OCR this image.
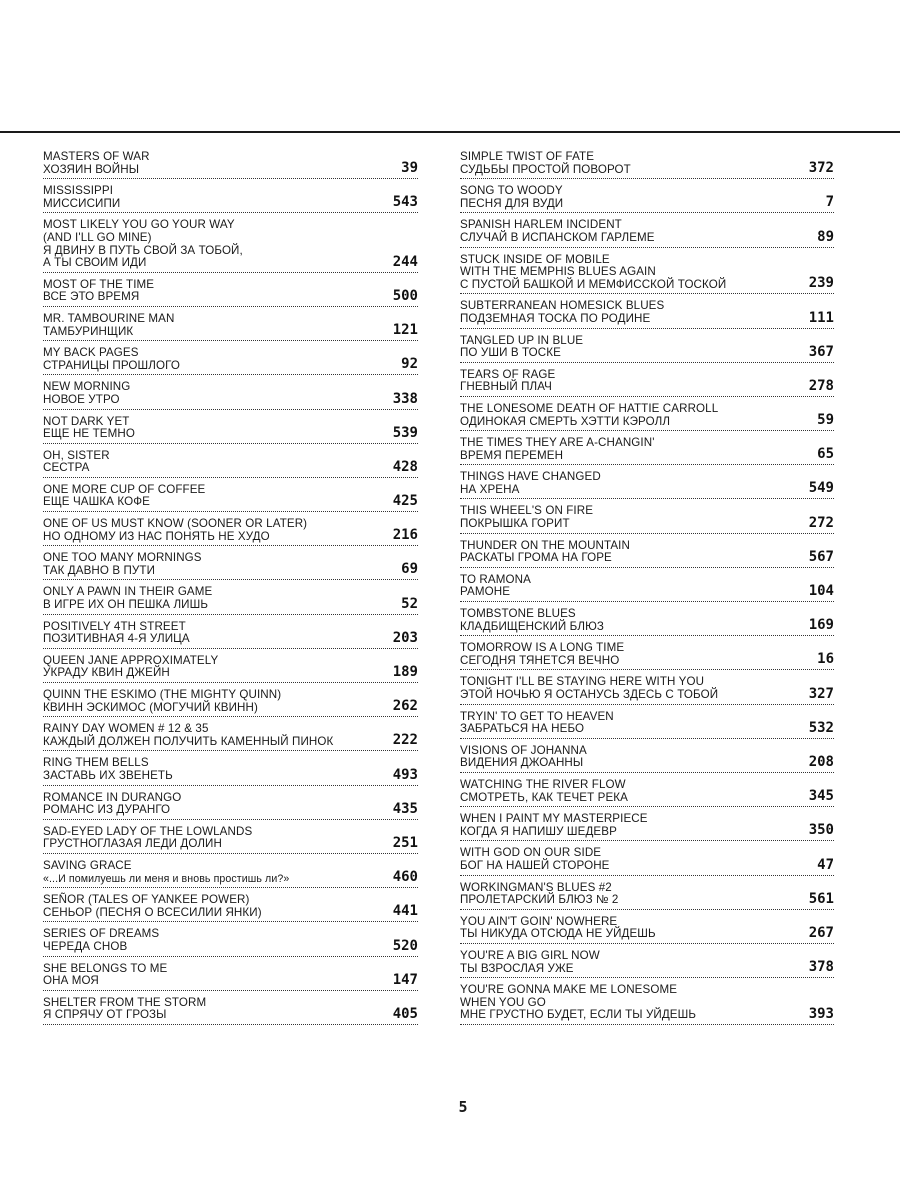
MASTERS OF WAR
ХОЗЯИН ВОЙНЫ	39
MISSISSIPPI
МИССИСИПИ	543
MOST LIKELY YOU GO YOUR WAY
(AND I'LL GO MINE)
Я ДВИНУ В ПУТЬ СВОЙ ЗА ТОБОЙ,
А ТЫ СВОИМ ИДИ	244
MOST OF THE TIME
ВСЕ ЭТО ВРЕМЯ	500
MR. TAMBOURINE MAN
ТАМБУРИНЩИК	121
MY BACK PAGES
СТРАНИЦЫ ПРОШЛОГО	92
NEW MORNING
НОВОЕ УТРО	338
NOT DARK YET
ЕЩЕ НЕ ТЕМНО	539
OH, SISTER
СЕСТРА	428
ONE MORE CUP OF COFFEE
ЕЩЕ ЧАШКА КОФЕ	425
ONE OF US MUST KNOW (SOONER OR LATER)
НО ОДНОМУ ИЗ НАС ПОНЯТЬ НЕ ХУДО	216
ONE TOO MANY MORNINGS
ТАК ДАВНО В ПУТИ	69
ONLY A PAWN IN THEIR GAME
В ИГРЕ ИХ ОН ПЕШКА ЛИШЬ	52
POSITIVELY 4TH STREET
ПОЗИТИВНАЯ 4-Я УЛИЦА	203
QUEEN JANE APPROXIMATELY
УКРАДУ КВИН ДЖЕЙН	189
QUINN THE ESKIMO (THE MIGHTY QUINN)
КВИНН ЭСКИМОС (МОГУЧИЙ КВИНН)	262
RAINY DAY WOMEN # 12 & 35
КАЖДЫЙ ДОЛЖЕН ПОЛУЧИТЬ КАМЕННЫЙ ПИНОК	222
RING THEM BELLS
ЗАСТАВЬ ИХ ЗВЕНЕТЬ	493
ROMANCE IN DURANGO
РОМАНС ИЗ ДУРАНГО	435
SAD-EYED LADY OF THE LOWLANDS
ГРУСТНОГЛАЗАЯ ЛЕДИ ДОЛИН	251
SAVING GRACE
«...И помилуешь ли меня и вновь простишь ли?»	460
SEÑOR (TALES OF YANKEE POWER)
СЕНЬОР (ПЕСНЯ О ВСЕСИЛИИ ЯНКИ)	441
SERIES OF DREAMS
ЧЕРЕДА СНОВ	520
SHE BELONGS TO ME
ОНА МОЯ	147
SHELTER FROM THE STORM
Я СПРЯЧУ ОТ ГРОЗЫ	405
SIMPLE TWIST OF FATE
СУДЬБЫ ПРОСТОЙ ПОВОРОТ	372
SONG TO WOODY
ПЕСНЯ ДЛЯ ВУДИ	7
SPANISH HARLEM INCIDENT
СЛУЧАЙ В ИСПАНСКОМ ГАРЛЕМЕ	89
STUCK INSIDE OF MOBILE
WITH THE MEMPHIS BLUES AGAIN
С ПУСТОЙ БАШКОЙ И МЕМФИССКОЙ ТОСКОЙ	239
SUBTERRANEAN HOMESICK BLUES
ПОДЗЕМНАЯ ТОСКА ПО РОДИНЕ	111
TANGLED UP IN BLUE
ПО УШИ В ТОСКЕ	367
TEARS OF RAGE
ГНЕВНЫЙ ПЛАЧ	278
THE LONESOME DEATH OF HATTIE CARROLL
ОДИНОКАЯ СМЕРТЬ ХЭТТИ КЭРОЛЛ	59
THE TIMES THEY ARE A-CHANGIN'
ВРЕМЯ ПЕРЕМЕН	65
THINGS HAVE CHANGED
НА ХРЕНА	549
THIS WHEEL'S ON FIRE
ПОКРЫШКА ГОРИТ	272
THUNDER ON THE MOUNTAIN
РАСКАТЫ ГРОМА НА ГОРЕ	567
TO RAMONA
РАМОНЕ	104
TOMBSTONE BLUES
КЛАДБИЩЕНСКИЙ БЛЮЗ	169
TOMORROW IS A LONG TIME
СЕГОДНЯ ТЯНЕТСЯ ВЕЧНО	16
TONIGHT I'LL BE STAYING HERE WITH YOU
ЭТОЙ НОЧЬЮ Я ОСТАНУСЬ ЗДЕСЬ С ТОБОЙ	327
TRYIN' TO GET TO HEAVEN
ЗАБРАТЬСЯ НА НЕБО	532
VISIONS OF JOHANNA
ВИДЕНИЯ ДЖОАННЫ	208
WATCHING THE RIVER FLOW
СМОТРЕТЬ, КАК ТЕЧЕТ РЕКА	345
WHEN I PAINT MY MASTERPIECE
КОГДА Я НАПИШУ ШЕДЕВР	350
WITH GOD ON OUR SIDE
БОГ НА НАШЕЙ СТОРОНЕ	47
WORKINGMAN'S BLUES #2
ПРОЛЕТАРСКИЙ БЛЮЗ № 2	561
YOU AIN'T GOIN' NOWHERE
ТЫ НИКУДА ОТСЮДА НЕ УЙДЕШЬ	267
YOU'RE A BIG GIRL NOW
ТЫ ВЗРОСЛАЯ УЖЕ	378
YOU'RE GONNA MAKE ME LONESOME
WHEN YOU GO
МНЕ ГРУСТНО БУДЕТ, ЕСЛИ ТЫ УЙДЕШЬ	393
5
